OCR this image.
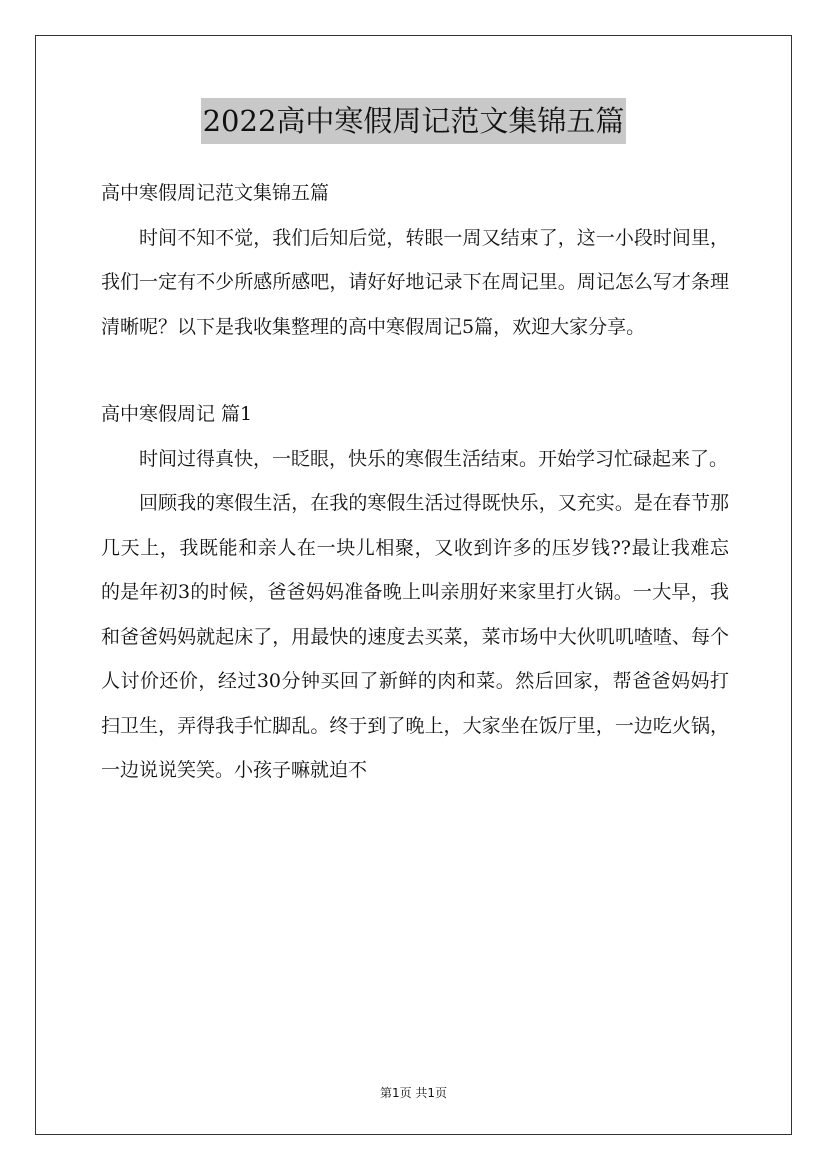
2022高中寒假周记范文集锦五篇

高中寒假周记范文集锦五篇

时间不知不觉，我们后知后觉，转眼一周又结束了，这一小段时间里，我们一定有不少所感所感吧，请好好地记录下在周记里。周记怎么写才条理清晰呢？以下是我收集整理的高中寒假周记5篇，欢迎大家分享。

高中寒假周记 篇1

时间过得真快，一眨眼，快乐的寒假生活结束。开始学习忙碌起来了。

回顾我的寒假生活，在我的寒假生活过得既快乐，又充实。是在春节那几天上，我既能和亲人在一块儿相聚，又收到许多的压岁钱??最让我难忘的是年初3的时候，爸爸妈妈准备晚上叫亲朋好来家里打火锅。一大早，我和爸爸妈妈就起床了，用最快的速度去买菜，菜市场中大伙叽叽喳喳、每个人讨价还价，经过30分钟买回了新鲜的肉和菜。然后回家，帮爸爸妈妈打扫卫生，弄得我手忙脚乱。终于到了晚上，大家坐在饭厅里，一边吃火锅，一边说说笑笑。小孩子嘛就迫不

第1页 共1页
